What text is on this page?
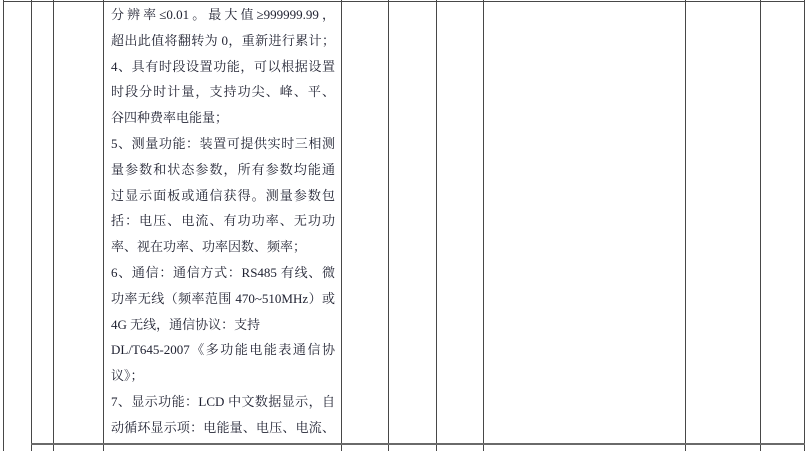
分辨率≤0.01。最大值≥999999.99，
超出此值将翻转为 0，重新进行累计；
4、具有时段设置功能，可以根据设置
时段分时计量，支持功尖、峰、平、
谷四种费率电能量；
5、测量功能：装置可提供实时三相测
量参数和状态参数，所有参数均能通
过显示面板或通信获得。测量参数包
括：电压、电流、有功功率、无功功
率、视在功率、功率因数、频率；
6、通信：通信方式：RS485 有线、微
功率无线（频率范围 470~510MHz）或
4G 无线，通信协议：支持
DL/T645-2007《多功能电能表通信协
议》；
7、显示功能：LCD 中文数据显示，自
动循环显示项：电能量、电压、电流、
